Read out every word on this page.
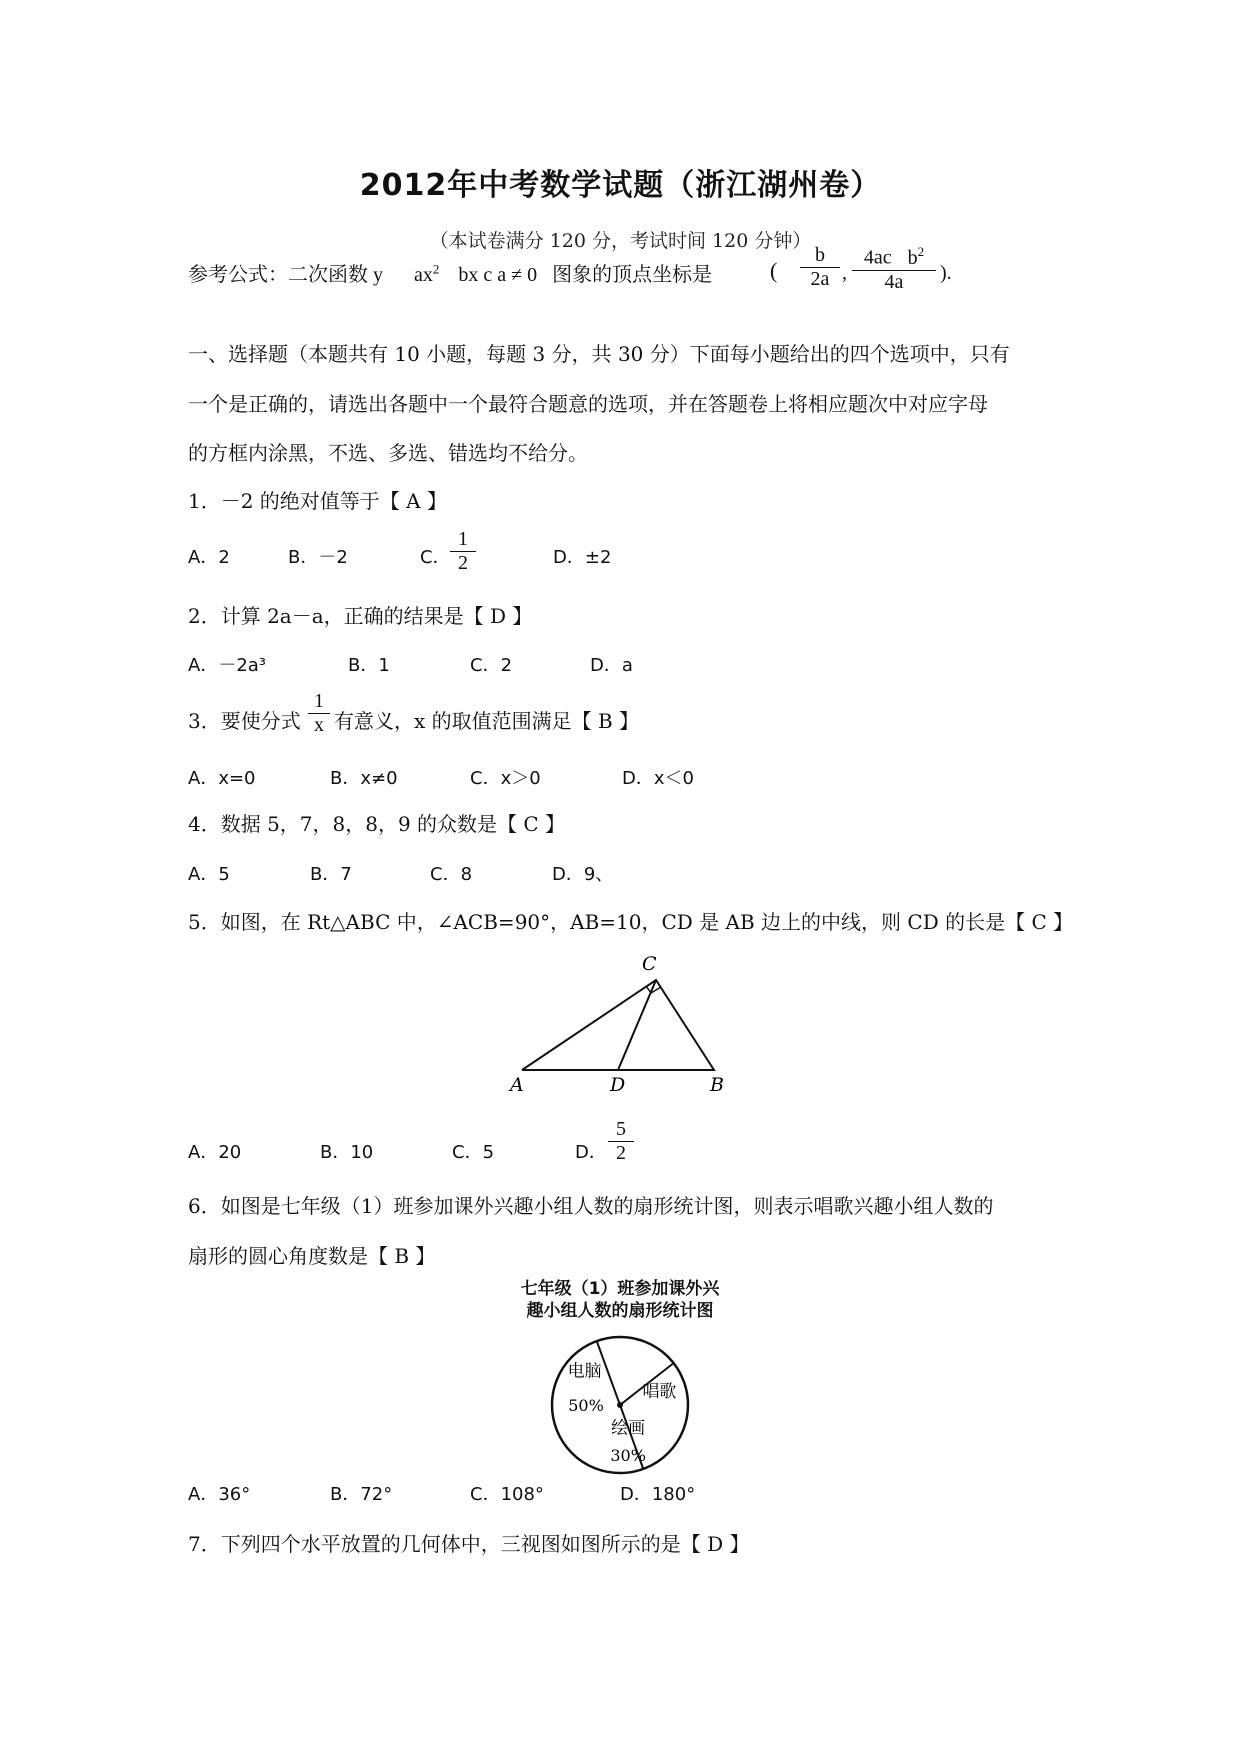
2012年中考数学试题（浙江湖州卷）
（本试卷满分 120 分，考试时间 120 分钟）
参考公式：二次函数 y $ax^2$ bx c a ≠ 0 图象的顶点坐标是	( $\frac{b}{2a}$ ,
4ac $b^2$
4a	).
一、选择题（本题共有 10 小题，每题 3 分，共 30 分）下面每小题给出的四个选项中，只有
一个是正确的，请选出各题中一个最符合题意的选项，并在答题卷上将相应题次中对应字母
的方框内涂黑，不选、多选、错选均不给分。
1．－2 的绝对值等于【 A 】
A．2	B．－2	C． $\frac{1}{2}$	D．±2
2．计算 2a－a，正确的结果是【 D 】
A．－2a³	B．1	C．2	D．a
3．要使分式 $\frac{1}{x}$ 有意义，x 的取值范围满足【 B 】
A．x=0	B．x≠0	C．x＞0	D．x＜0
4．数据 5，7，8，8，9 的众数是【 C 】
A．5	B．7	C．8	D．9、
5．如图，在 Rt△ABC 中，∠ACB=90°，AB=10，CD 是 AB 边上的中线，则 CD 的长是【 C 】
A
C
D	B
A．20	B．10	C．5	D． $\frac{5}{2}$
6．如图是七年级（1）班参加课外兴趣小组人数的扇形统计图，则表示唱歌兴趣小组人数的
扇形的圆心角度数是【 B 】
七年级（1）班参加课外兴
趣小组人数的扇形统计图
电脑
50%
唱歌
绘画
30%
A．36°	B．72°	C．108°	D．180°
7．下列四个水平放置的几何体中，三视图如图所示的是【 D 】
